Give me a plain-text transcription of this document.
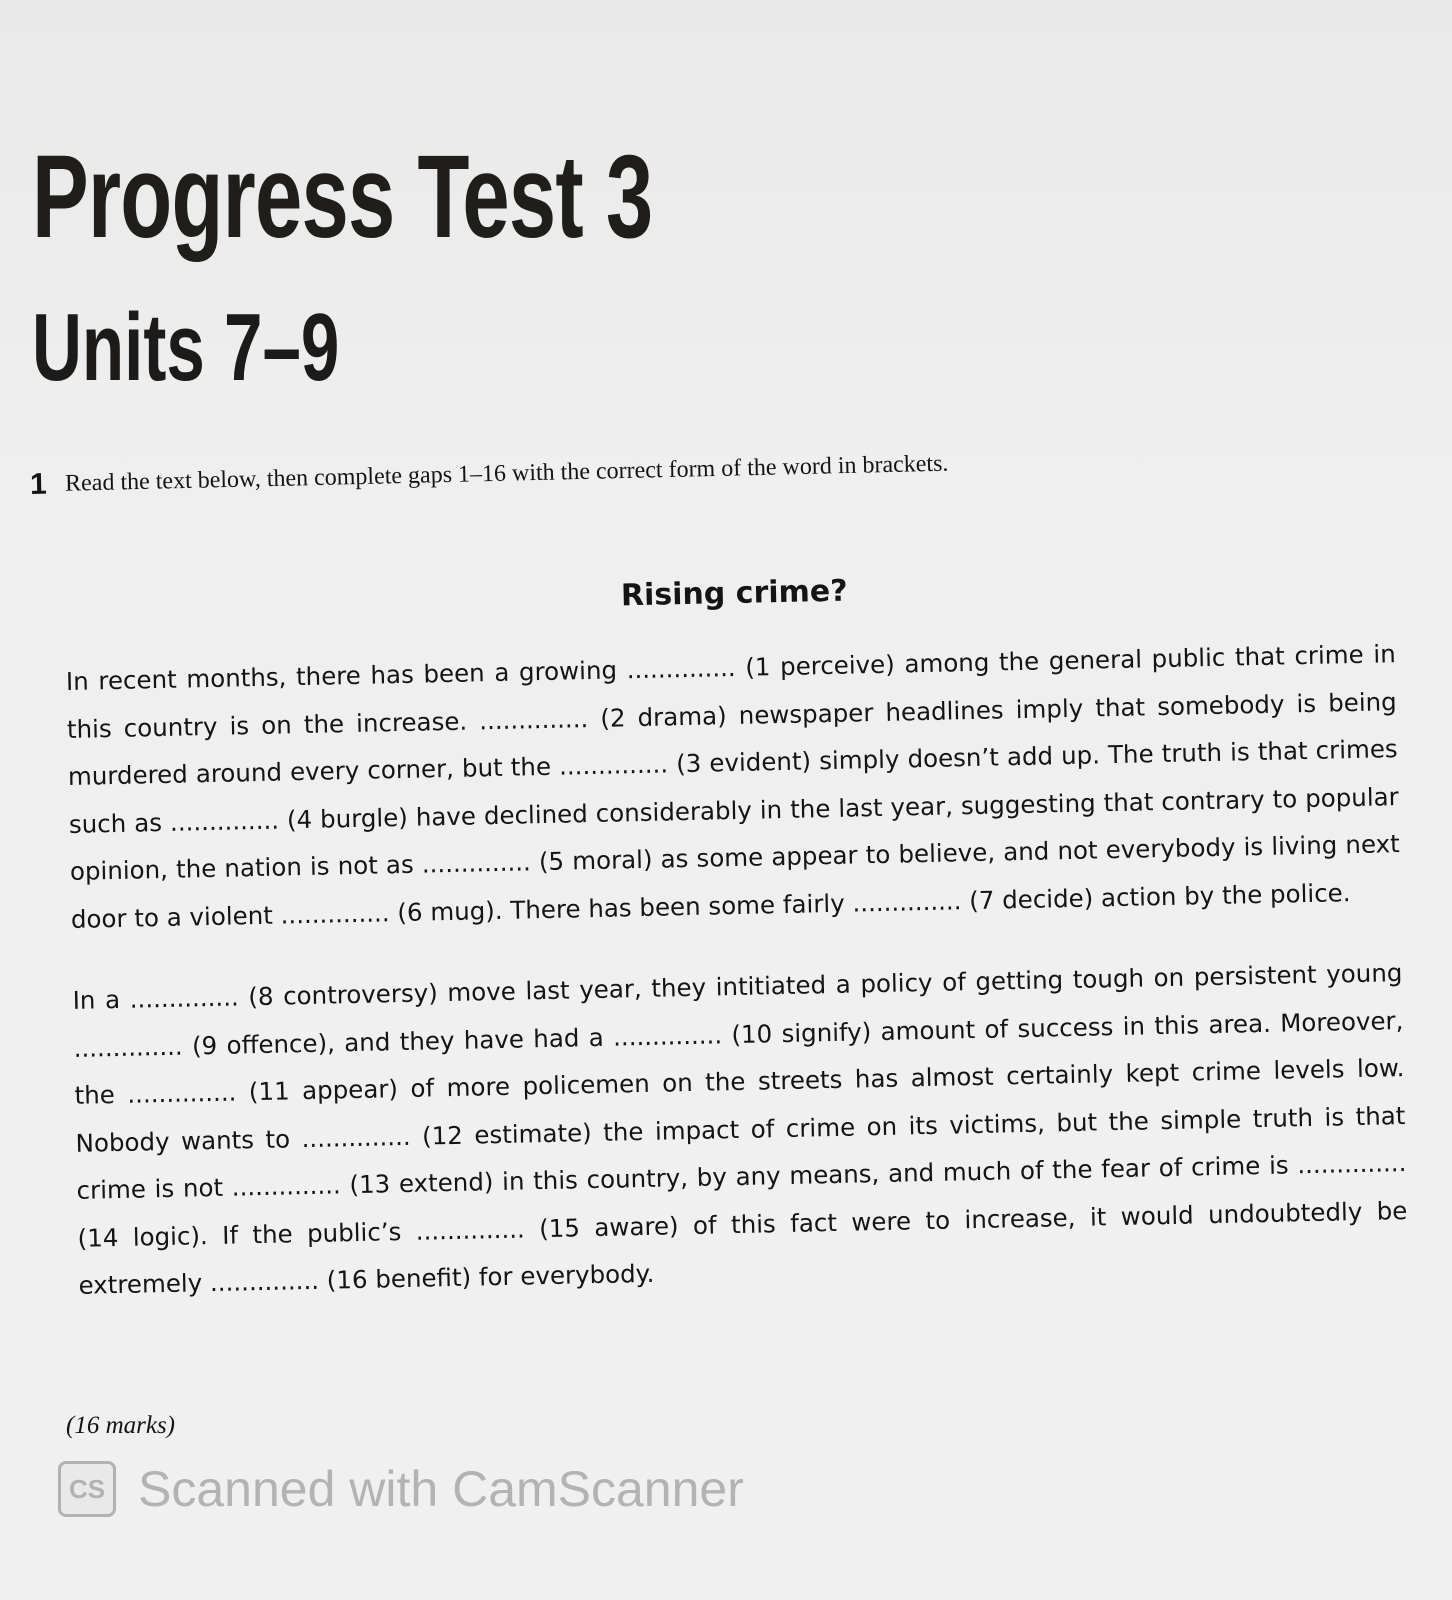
Progress Test 3
Units 7–9
1 Read the text below, then complete gaps 1–16 with the correct form of the word in brackets.
Rising crime?

In recent months, there has been a growing .............. (1 perceive) among the general public that crime in this country is on the increase. .............. (2 drama) newspaper headlines imply that somebody is being murdered around every corner, but the .............. (3 evident) simply doesn’t add up. The truth is that crimes such as .............. (4 burgle) have declined considerably in the last year, suggesting that contrary to popular opinion, the nation is not as .............. (5 moral) as some appear to believe, and not everybody is living next door to a violent .............. (6 mug). There has been some fairly .............. (7 decide) action by the police.

In a .............. (8 controversy) move last year, they intitiated a policy of getting tough on persistent young .............. (9 offence), and they have had a .............. (10 signify) amount of success in this area. Moreover, the .............. (11 appear) of more policemen on the streets has almost certainly kept crime levels low. Nobody wants to .............. (12 estimate) the impact of crime on its victims, but the simple truth is that crime is not .............. (13 extend) in this country, by any means, and much of the fear of crime is .............. (14 logic). If the public’s .............. (15 aware) of this fact were to increase, it would undoubtedly be extremely .............. (16 benefit) for everybody.

(16 marks)
CS Scanned with CamScanner
